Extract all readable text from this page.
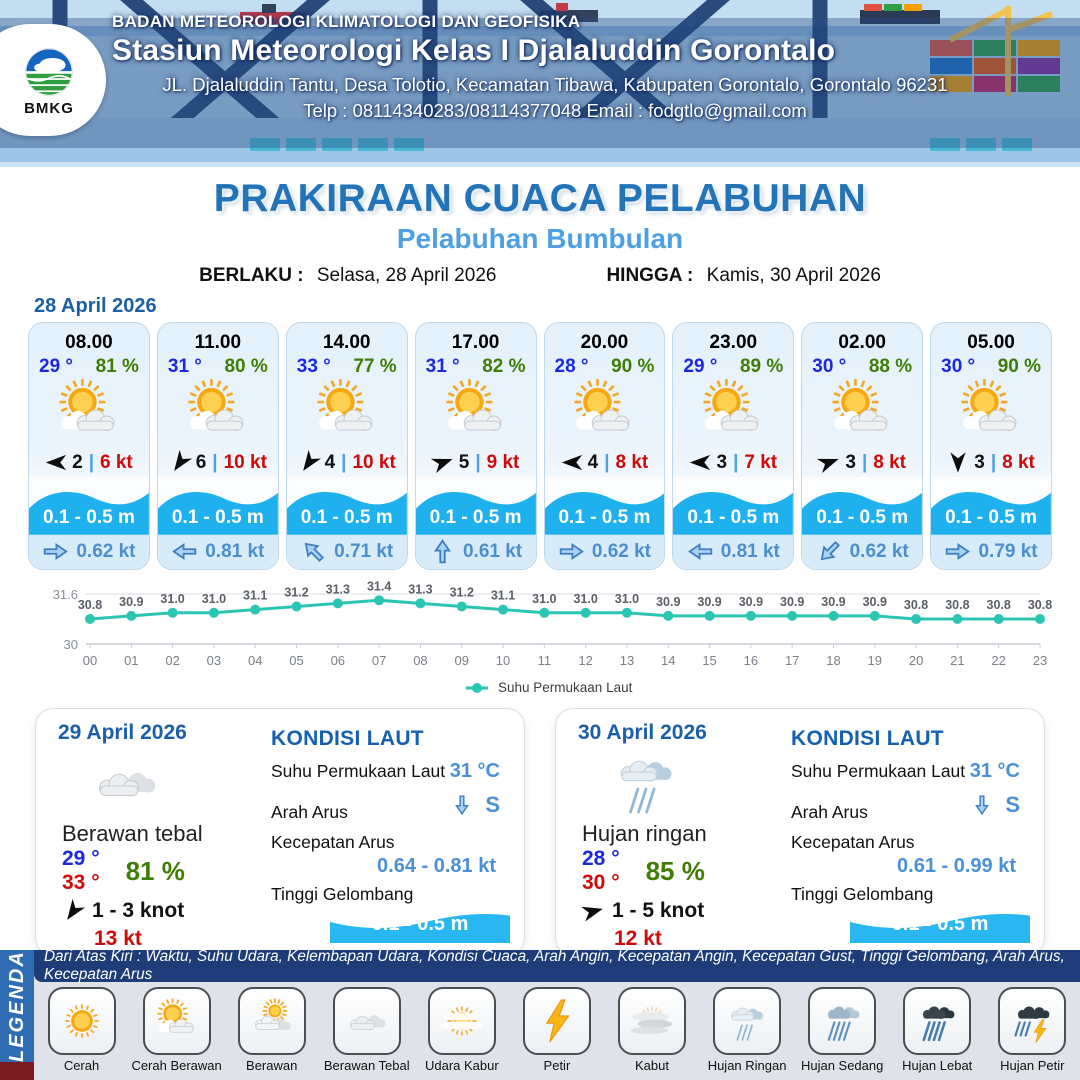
BMKG
BADAN METEOROLOGI KLIMATOLOGI DAN GEOFISIKA
Stasiun Meteorologi Kelas I Djalaluddin Gorontalo
JL. Djalaluddin Tantu, Desa Tolotio, Kecamatan Tibawa, Kabupaten Gorontalo, Gorontalo 96231
Telp : 08114340283/08114377048 Email : fodgtlo@gmail.com
PRAKIRAAN CUACA PELABUHAN
Pelabuhan Bumbulan
BERLAKU : Selasa, 28 April 2026	HINGGA : Kamis, 30 April 2026
28 April 2026
08.00
29 ° 81 %
2 | 6 kt
0.1 - 0.5 m
0.62 kt
11.00
31 ° 80 %
6 | 10 kt
0.1 - 0.5 m
0.81 kt
14.00
33 ° 77 %
4 | 10 kt
0.1 - 0.5 m
0.71 kt
17.00
31 ° 82 %
5 | 9 kt
0.1 - 0.5 m
0.61 kt
20.00
28 ° 90 %
4 | 8 kt
0.1 - 0.5 m
0.62 kt
23.00
29 ° 89 %
3 | 7 kt
0.1 - 0.5 m
0.81 kt
02.00
30 ° 88 %
3 | 8 kt
0.1 - 0.5 m
0.62 kt
05.00
30 ° 90 %
3 | 8 kt
0.1 - 0.5 m
0.79 kt
31.6
30
00 01 02 03 04 05 06 07 08 09 10 11 12 13 14 15 16 17 18 19 20 21 22 23
30.8 30.9 31.0 31.0 31.1 31.2 31.3 31.4 31.3 31.2 31.1 31.0 31.0 31.0 30.9 30.9 30.9 30.9 30.9 30.9 30.8 30.8 30.8 30.8
Suhu Permukaan Laut
29 April 2026
Berawan tebal
29 °
33 ° 81 %
1 - 3 knot
13 kt
KONDISI LAUT
Suhu Permukaan Laut 31 °C
Arah Arus	S
Kecepatan Arus
0.64 - 0.81 kt
Tinggi Gelombang
0.1 - 0.5 m
30 April 2026
Hujan ringan
28 °
30 ° 85 %
1 - 5 knot
12 kt
KONDISI LAUT
Suhu Permukaan Laut 31 °C
Arah Arus	S
Kecepatan Arus
0.61 - 0.99 kt
Tinggi Gelombang
0.1 - 0.5 m
LEGENDA	Dari Atas Kiri : Waktu, Suhu Udara, Kelembapan Udara, Kondisi Cuaca, Arah Angin, Kecepatan Angin, Kecepatan Gust, Tinggi Gelombang, Arah Arus, Kecepatan Arus
Cerah Cerah Berawan Berawan Berawan Tebal Udara Kabur	Petir	Kabut	Hujan Ringan Hujan Sedang Hujan Lebat Hujan Petir
